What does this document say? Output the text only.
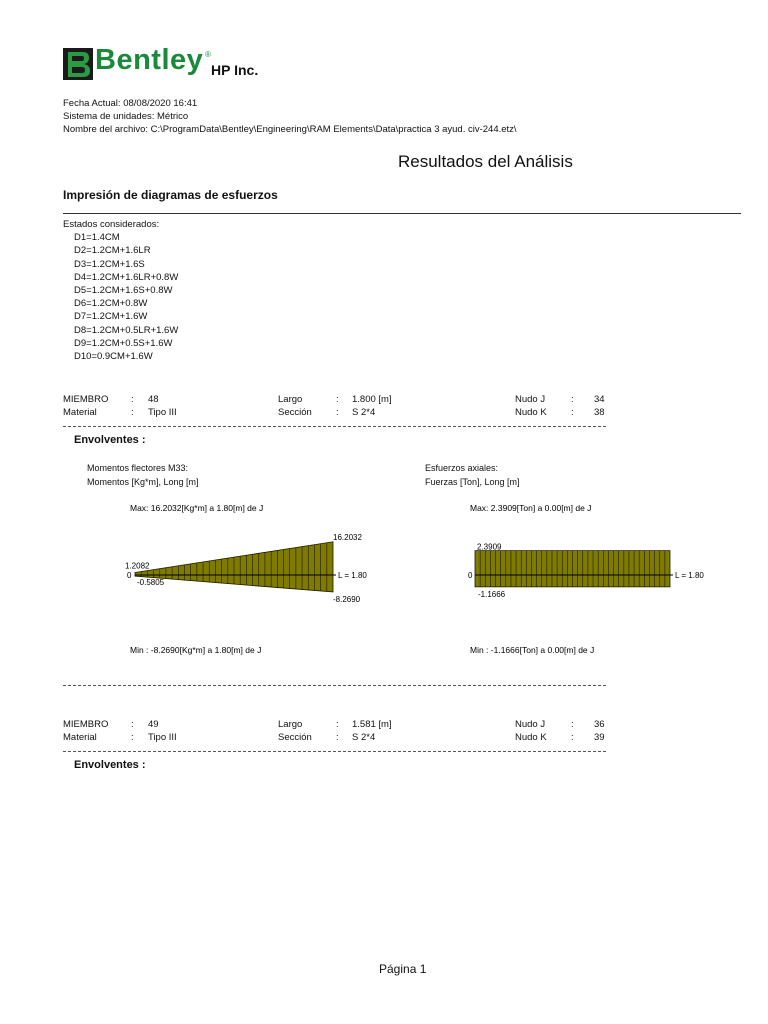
Bentley ®
HP Inc.
Fecha Actual: 08/08/2020 16:41
Sistema de unidades: Métrico
Nombre del archivo: C:\ProgramData\Bentley\Engineering\RAM Elements\Data\practica 3 ayud. civ-244.etz\
Resultados del Análisis
Impresión de diagramas de esfuerzos
Estados considerados:
D1=1.4CM
D2=1.2CM+1.6LR
D3=1.2CM+1.6S
D4=1.2CM+1.6LR+0.8W
D5=1.2CM+1.6S+0.8W
D6=1.2CM+0.8W
D7=1.2CM+1.6W
D8=1.2CM+0.5LR+1.6W
D9=1.2CM+0.5S+1.6W
D10=0.9CM+1.6W
MIEMBRO : 48	Largo	: 1.800 [m]	Nudo J	: 34
Material	: Tipo III	Sección	: S 2*4	Nudo K	: 38
Envolventes :
Momentos flectores M33:
Momentos [Kg*m], Long [m]
Esfuerzos axiales:
Fuerzas [Ton], Long [m]
Max: 16.2032[Kg*m] a 1.80[m] de J
1.2082
0
-0.5805
16.2032
-8.2690
L = 1.80
Min : -8.2690[Kg*m] a 1.80[m] de J
Max: 2.3909[Ton] a 0.00[m] de J
2.3909
0
-1.1666
L = 1.80
Min : -1.1666[Ton] a 0.00[m] de J
MIEMBRO : 49	Largo	: 1.581 [m]	Nudo J	: 36
Material	: Tipo III	Sección	: S 2*4	Nudo K	: 39
Envolventes :
Página 1
